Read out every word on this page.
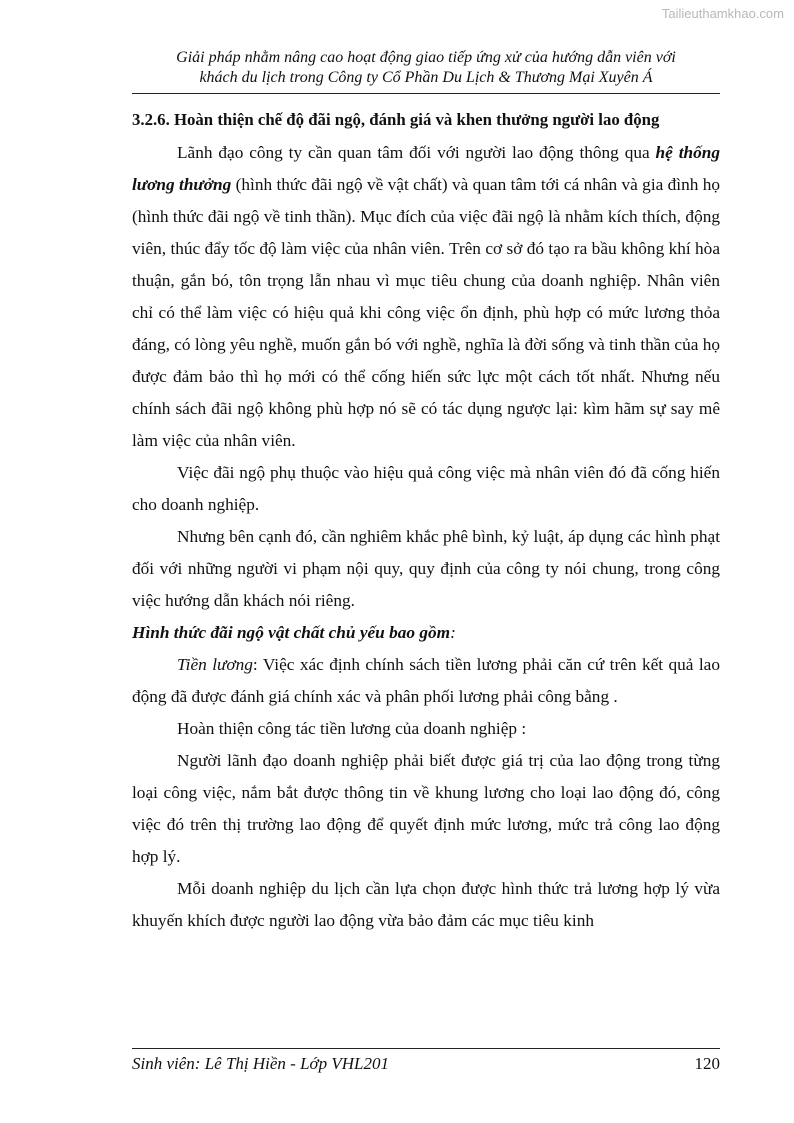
Tailieuthamkhao.com
Giải pháp nhằm nâng cao hoạt động giao tiếp ứng xử của hướng dẫn viên với
khách du lịch trong Công ty Cổ Phần Du Lịch & Thương Mại Xuyên Á

3.2.6. Hoàn thiện chế độ đãi ngộ, đánh giá và khen thưởng người lao động

Lãnh đạo công ty cần quan tâm đối với người lao động thông qua hệ thống lương thưởng (hình thức đãi ngộ về vật chất) và quan tâm tới cá nhân và gia đình họ (hình thức đãi ngộ về tinh thần). Mục đích của việc đãi ngộ là nhằm kích thích, động viên, thúc đẩy tốc độ làm việc của nhân viên. Trên cơ sở đó tạo ra bầu không khí hòa thuận, gắn bó, tôn trọng lẫn nhau vì mục tiêu chung của doanh nghiệp. Nhân viên chỉ có thể làm việc có hiệu quả khi công việc ổn định, phù hợp có mức lương thỏa đáng, có lòng yêu nghề, muốn gắn bó với nghề, nghĩa là đời sống và tinh thần của họ được đảm bảo thì họ mới có thể cống hiến sức lực một cách tốt nhất. Nhưng nếu chính sách đãi ngộ không phù hợp nó sẽ có tác dụng ngược lại: kìm hãm sự say mê làm việc của nhân viên.

Việc đãi ngộ phụ thuộc vào hiệu quả công việc mà nhân viên đó đã cống hiến cho doanh nghiệp.

Nhưng bên cạnh đó, cần nghiêm khắc phê bình, kỷ luật, áp dụng các hình phạt đối với những người vi phạm nội quy, quy định của công ty nói chung, trong công việc hướng dẫn khách nói riêng.

Hình thức đãi ngộ vật chất chủ yếu bao gồm:

Tiền lương: Việc xác định chính sách tiền lương phải căn cứ trên kết quả lao động đã được đánh giá chính xác và phân phối lương phải công bằng .

Hoàn thiện công tác tiền lương của doanh nghiệp :

Người lãnh đạo doanh nghiệp phải biết được giá trị của lao động trong từng loại công việc, nắm bắt được thông tin về khung lương cho loại lao động đó, công việc đó trên thị trường lao động để quyết định mức lương, mức trả công lao động hợp lý.

Mỗi doanh nghiệp du lịch cần lựa chọn được hình thức trả lương hợp lý vừa khuyến khích được người lao động vừa bảo đảm các mục tiêu kinh

Sinh viên: Lê Thị Hiền - Lớp VHL201	120
